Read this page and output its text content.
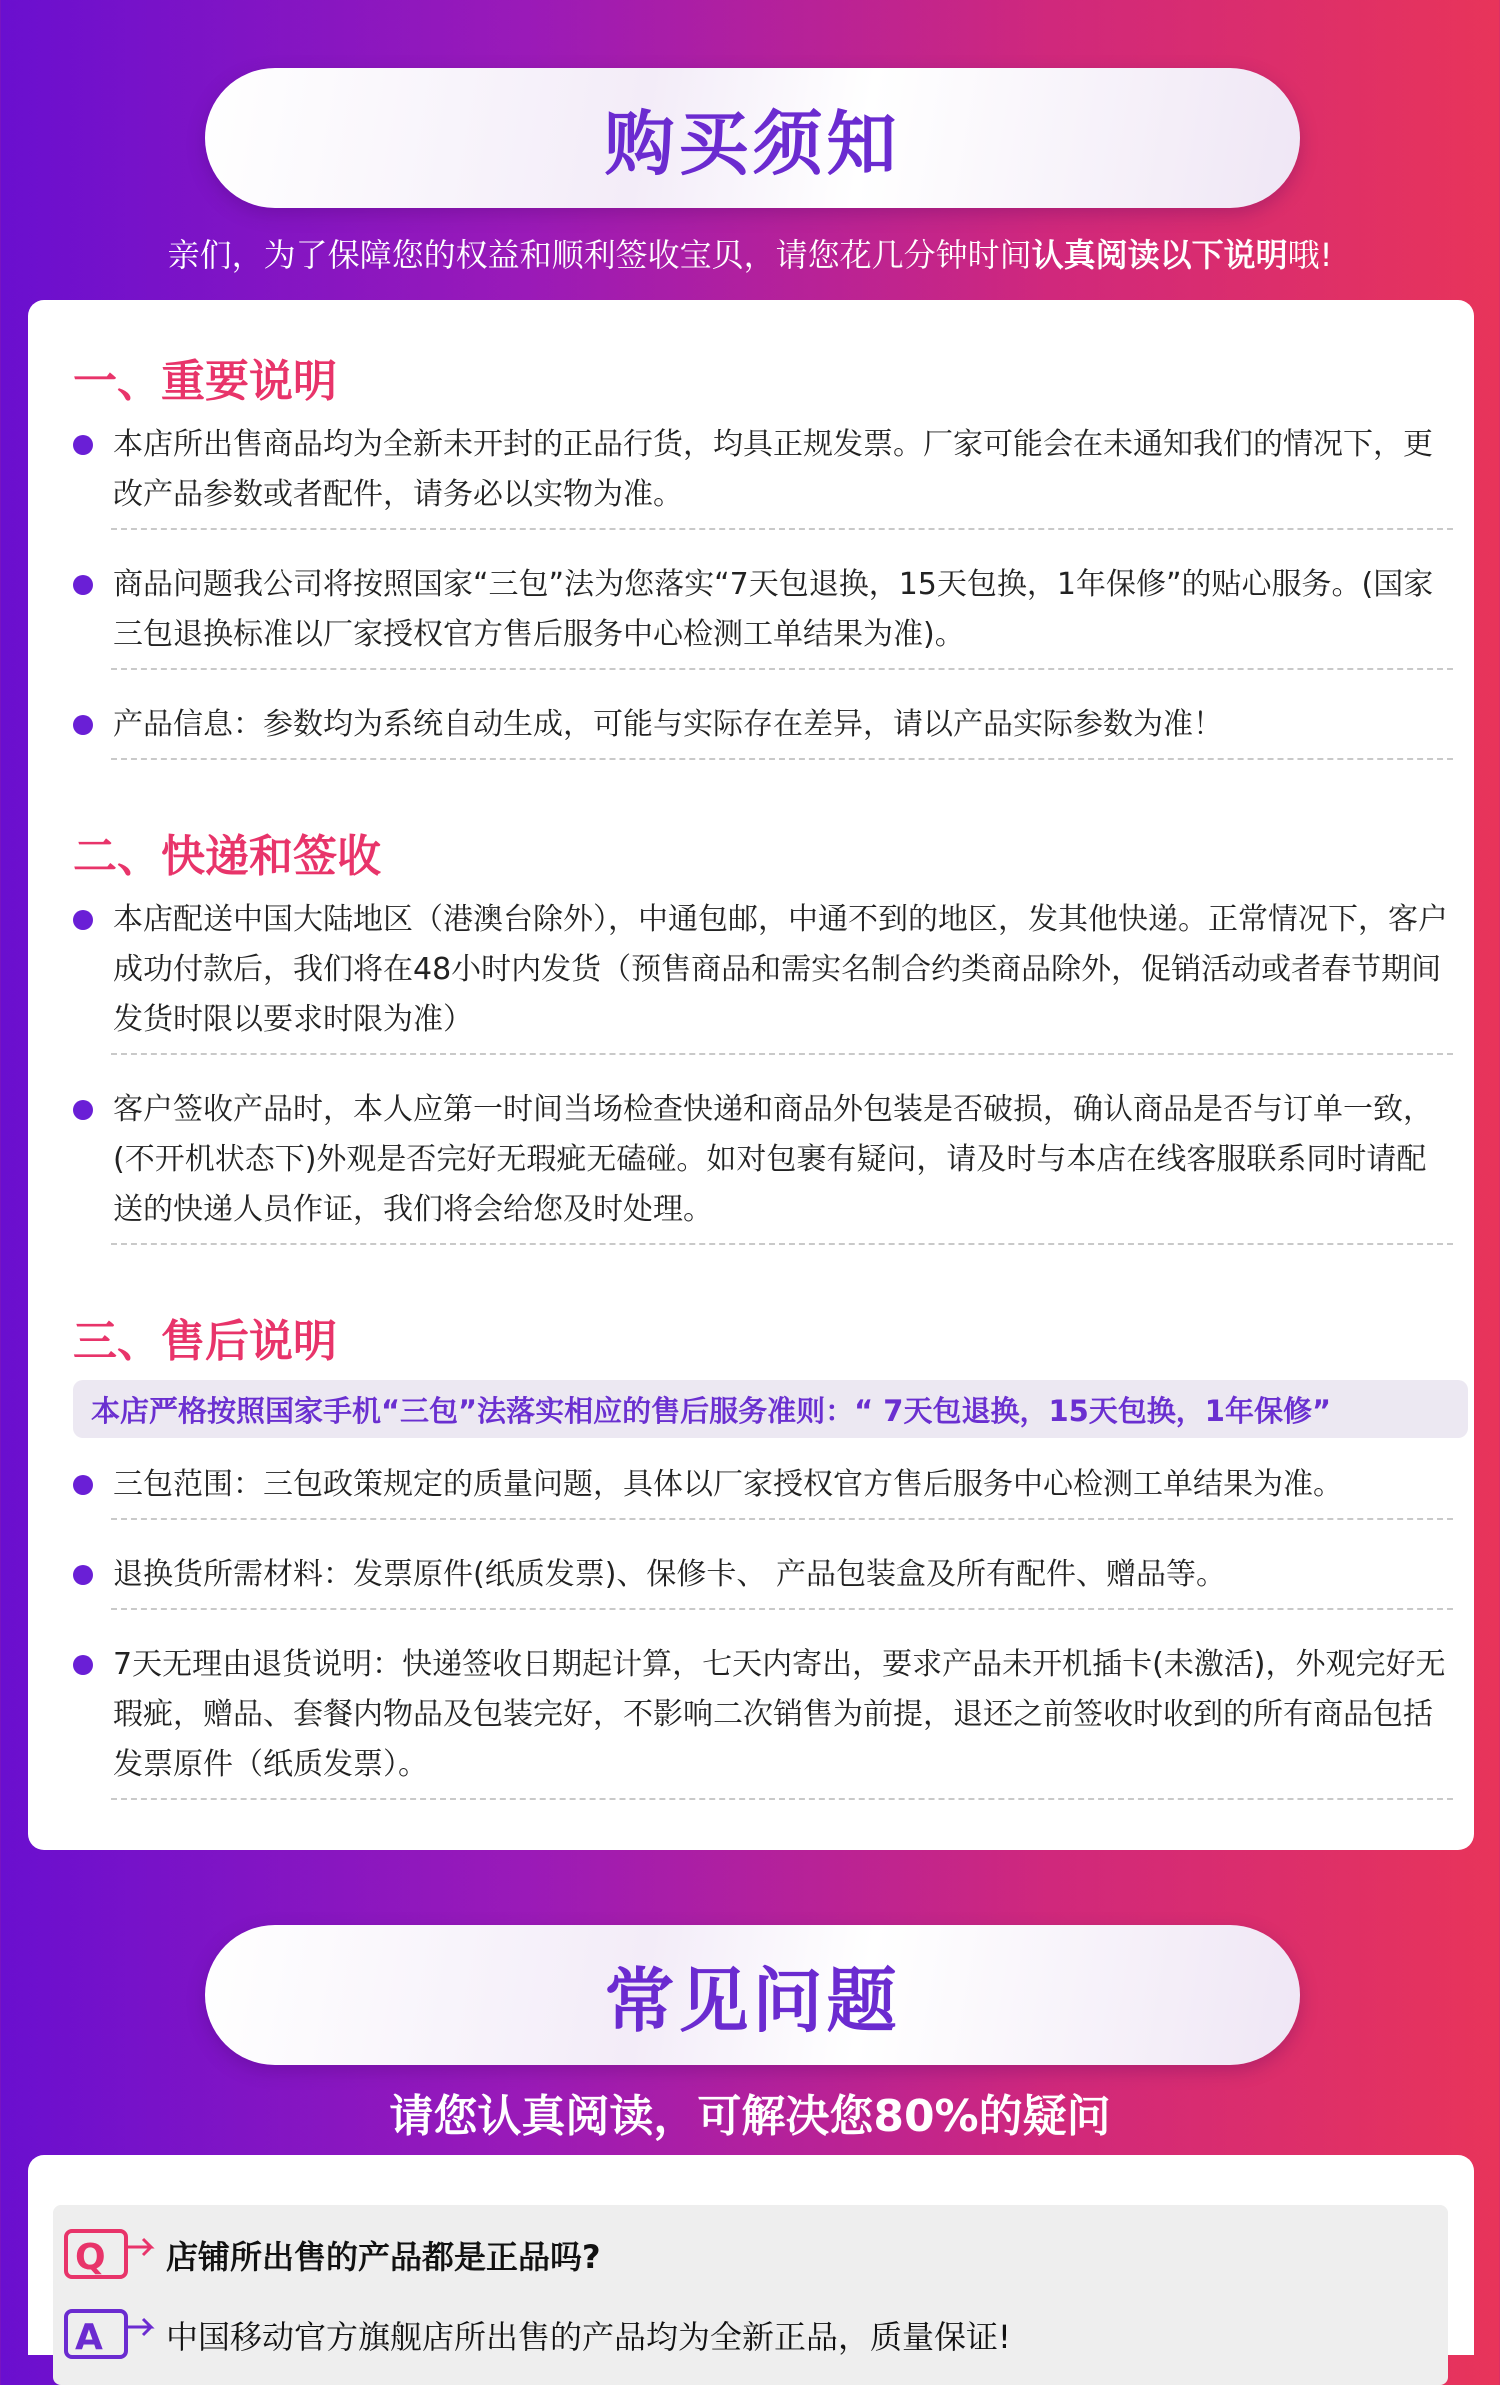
购买须知
亲们，为了保障您的权益和顺利签收宝贝，请您花几分钟时间认真阅读以下说明哦!
一、重要说明
本店所出售商品均为全新未开封的正品行货，均具正规发票。厂家可能会在未通知我们的情况下，更改产品参数或者配件，请务必以实物为准。
商品问题我公司将按照国家“三包”法为您落实“7天包退换，15天包换，1年保修”的贴心服务。(国家三包退换标准以厂家授权官方售后服务中心检测工单结果为准)。
产品信息：参数均为系统自动生成，可能与实际存在差异，请以产品实际参数为准！
二、快递和签收
本店配送中国大陆地区（港澳台除外），中通包邮，中通不到的地区，发其他快递。正常情况下，客户成功付款后，我们将在48小时内发货（预售商品和需实名制合约类商品除外，促销活动或者春节期间发货时限以要求时限为准）
客户签收产品时，本人应第一时间当场检查快递和商品外包装是否破损，确认商品是否与订单一致，(不开机状态下)外观是否完好无瑕疵无磕碰。如对包裹有疑问，请及时与本店在线客服联系同时请配送的快递人员作证，我们将会给您及时处理。
三、售后说明
本店严格按照国家手机“三包”法落实相应的售后服务准则：“ 7天包退换，15天包换，1年保修”
三包范围：三包政策规定的质量问题，具体以厂家授权官方售后服务中心检测工单结果为准。
退换货所需材料：发票原件(纸质发票)、保修卡、 产品包装盒及所有配件、赠品等。
7天无理由退货说明：快递签收日期起计算，七天内寄出，要求产品未开机插卡(未激活)，外观完好无瑕疵，赠品、套餐内物品及包装完好，不影响二次销售为前提，退还之前签收时收到的所有商品包括发票原件（纸质发票）。
常见问题
请您认真阅读，可解决您80%的疑问
Q 店铺所出售的产品都是正品吗?
A 中国移动官方旗舰店所出售的产品均为全新正品，质量保证!
